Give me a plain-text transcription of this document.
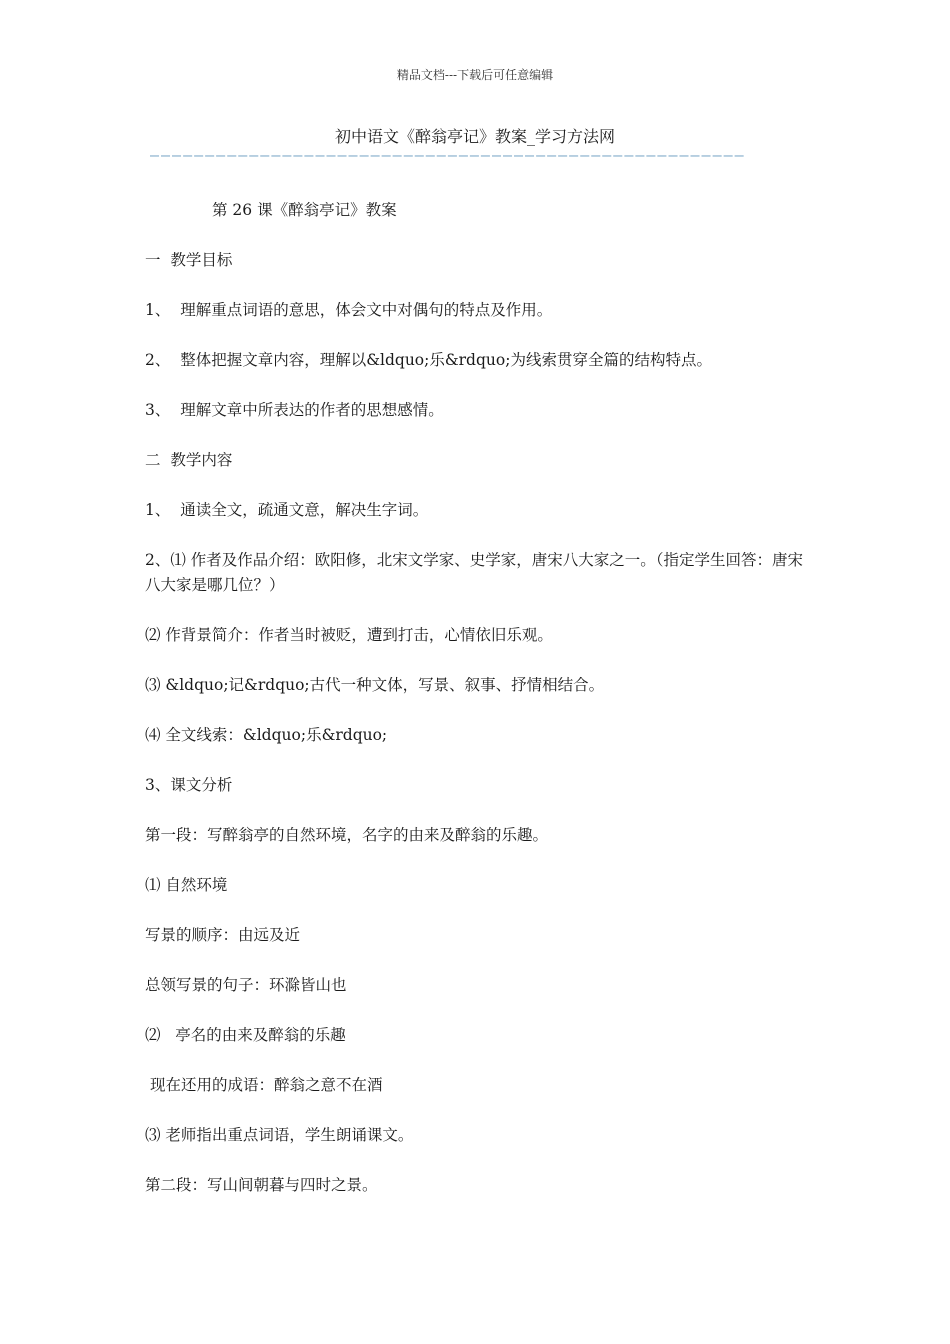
精品文档---下载后可任意编辑
初中语文《醉翁亭记》教案_学习方法网
——————————————————————————————————————————————————————

第 26 课《醉翁亭记》教案

一  教学目标

1、  理解重点词语的意思，体会文中对偶句的特点及作用。

2、  整体把握文章内容，理解以&ldquo;乐&rdquo;为线索贯穿全篇的结构特点。

3、  理解文章中所表达的作者的思想感情。

二  教学内容

1、  通读全文，疏通文意，解决生字词。

2、⑴ 作者及作品介绍：欧阳修，北宋文学家、史学家，唐宋八大家之一。（指定学生回答：唐宋八大家是哪几位？）

⑵ 作背景简介：作者当时被贬，遭到打击，心情依旧乐观。

⑶ &ldquo;记&rdquo;古代一种文体，写景、叙事、抒情相结合。

⑷ 全文线索：&ldquo;乐&rdquo;

3、课文分析

第一段：写醉翁亭的自然环境，名字的由来及醉翁的乐趣。

⑴ 自然环境

写景的顺序：由远及近

总领写景的句子：环滁皆山也

⑵   亭名的由来及醉翁的乐趣

现在还用的成语：醉翁之意不在酒

⑶ 老师指出重点词语，学生朗诵课文。

第二段：写山间朝暮与四时之景。
